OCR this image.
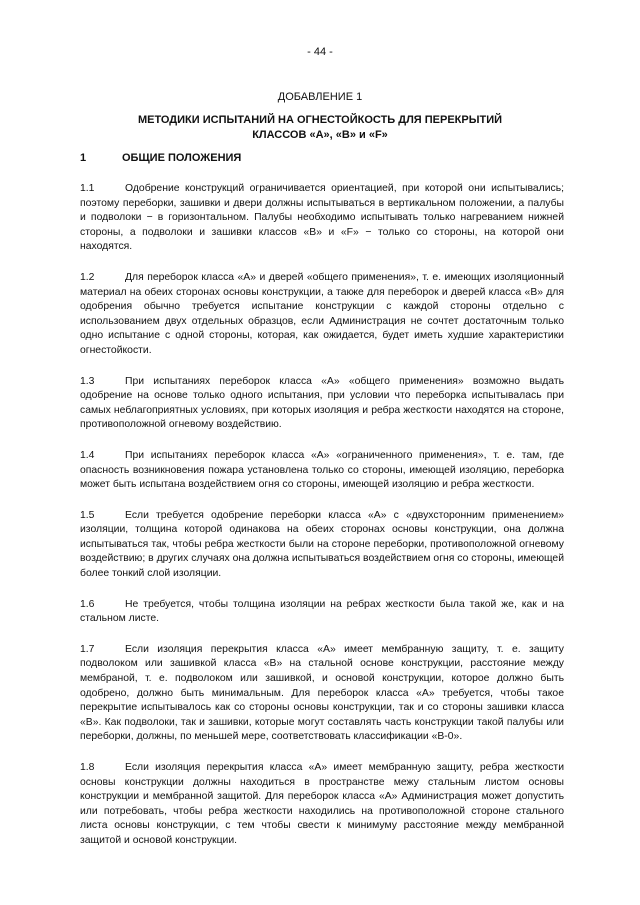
- 44 -
ДОБАВЛЕНИЕ 1
МЕТОДИКИ ИСПЫТАНИЙ НА ОГНЕСТОЙКОСТЬ ДЛЯ ПЕРЕКРЫТИЙ
КЛАССОВ «A», «B» и «F»
1	ОБЩИЕ ПОЛОЖЕНИЯ

1.1	Одобрение конструкций ограничивается ориентацией, при которой они испытывались; поэтому переборки, зашивки и двери должны испытываться в вертикальном положении, а палубы и подволоки − в горизонтальном. Палубы необходимо испытывать только нагреванием нижней стороны, а подволоки и зашивки классов «B» и «F» − только со стороны, на которой они находятся.

1.2	Для переборок класса «А» и дверей «общего применения», т. е. имеющих изоляционный материал на обеих сторонах основы конструкции, а также для переборок и дверей класса «В» для одобрения обычно требуется испытание конструкции с каждой стороны отдельно с использованием двух отдельных образцов, если Администрация не сочтет достаточным только одно испытание с одной стороны, которая, как ожидается, будет иметь худшие характеристики огнестойкости.

1.3	При испытаниях переборок класса «А» «общего применения» возможно выдать одобрение на основе только одного испытания, при условии что переборка испытывалась при самых неблагоприятных условиях, при которых изоляция и ребра жесткости находятся на стороне, противоположной огневому воздействию.

1.4	При испытаниях переборок класса «А» «ограниченного применения», т. е. там, где опасность возникновения пожара установлена только со стороны, имеющей изоляцию, переборка может быть испытана воздействием огня со стороны, имеющей изоляцию и ребра жесткости.

1.5	Если требуется одобрение переборки класса «А» с «двухсторонним применением» изоляции, толщина которой одинакова на обеих сторонах основы конструкции, она должна испытываться так, чтобы ребра жесткости были на стороне переборки, противоположной огневому воздействию; в других случаях она должна испытываться воздействием огня со стороны, имеющей более тонкий слой изоляции.

1.6	Не требуется, чтобы толщина изоляции на ребрах жесткости была такой же, как и на стальном листе.

1.7	Если изоляция перекрытия класса «А» имеет мембранную защиту, т. е. защиту подволоком или зашивкой класса «В» на стальной основе конструкции, расстояние между мембраной, т. е. подволоком или зашивкой, и основой конструкции, которое должно быть одобрено, должно быть минимальным. Для переборок класса «А» требуется, чтобы такое перекрытие испытывалось как со стороны основы конструкции, так и со стороны зашивки класса «В». Как подволоки, так и зашивки, которые могут составлять часть конструкции такой палубы или переборки, должны, по меньшей мере, соответствовать классификации «В-0».

1.8	Если изоляция перекрытия класса «А» имеет мембранную защиту, ребра жесткости основы конструкции должны находиться в пространстве межу стальным листом основы конструкции и мембранной защитой. Для переборок класса «А» Администрация может допустить или потребовать, чтобы ребра жесткости находились на противоположной стороне стального листа основы конструкции, с тем чтобы свести к минимуму расстояние между мембранной защитой и основой конструкции.
